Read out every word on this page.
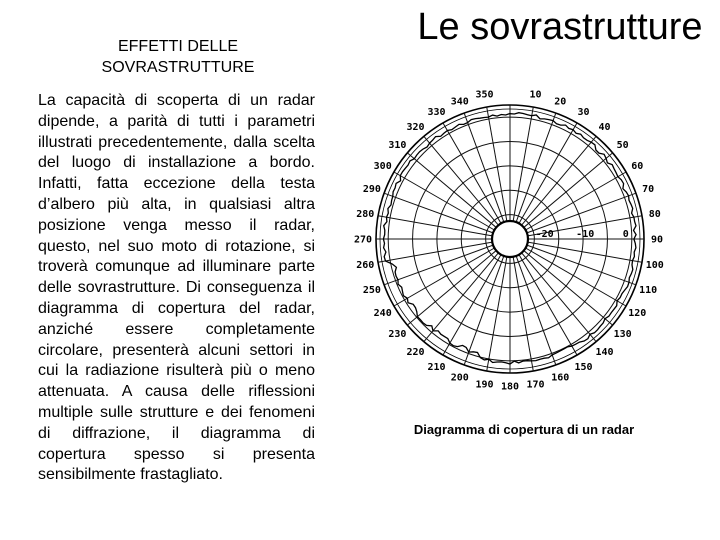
EFFETTI DELLE
SOVRASTRUTTURE
Le sovrastrutture
La capacità di scoperta di un radar dipende, a parità di tutti i parametri illustrati precedentemente, dalla scelta del luogo di installazione a bordo. Infatti, fatta eccezione della testa d’albero più alta, in qualsiasi altra posizione venga messo il radar, questo, nel suo moto di rotazione, si troverà comunque ad illuminare parte delle sovrastrutture. Di conseguenza il diagramma di copertura del radar, anziché essere completamente circolare, presenterà alcuni settori in cui la radiazione risulterà più o meno attenuata. A causa delle riflessioni multiple sulle strutture e dei fenomeni di diffrazione, il diagramma di copertura spesso si presenta sensibilmente frastagliato.
-20 -10	0
350	10
20
30
40
50
60
70
80
90
100
110
120
130
140
150
160
170
180
190
200
210
220
230
240
250
260
270
280
290
300
310
320
330
340
Diagramma di copertura di un radar
